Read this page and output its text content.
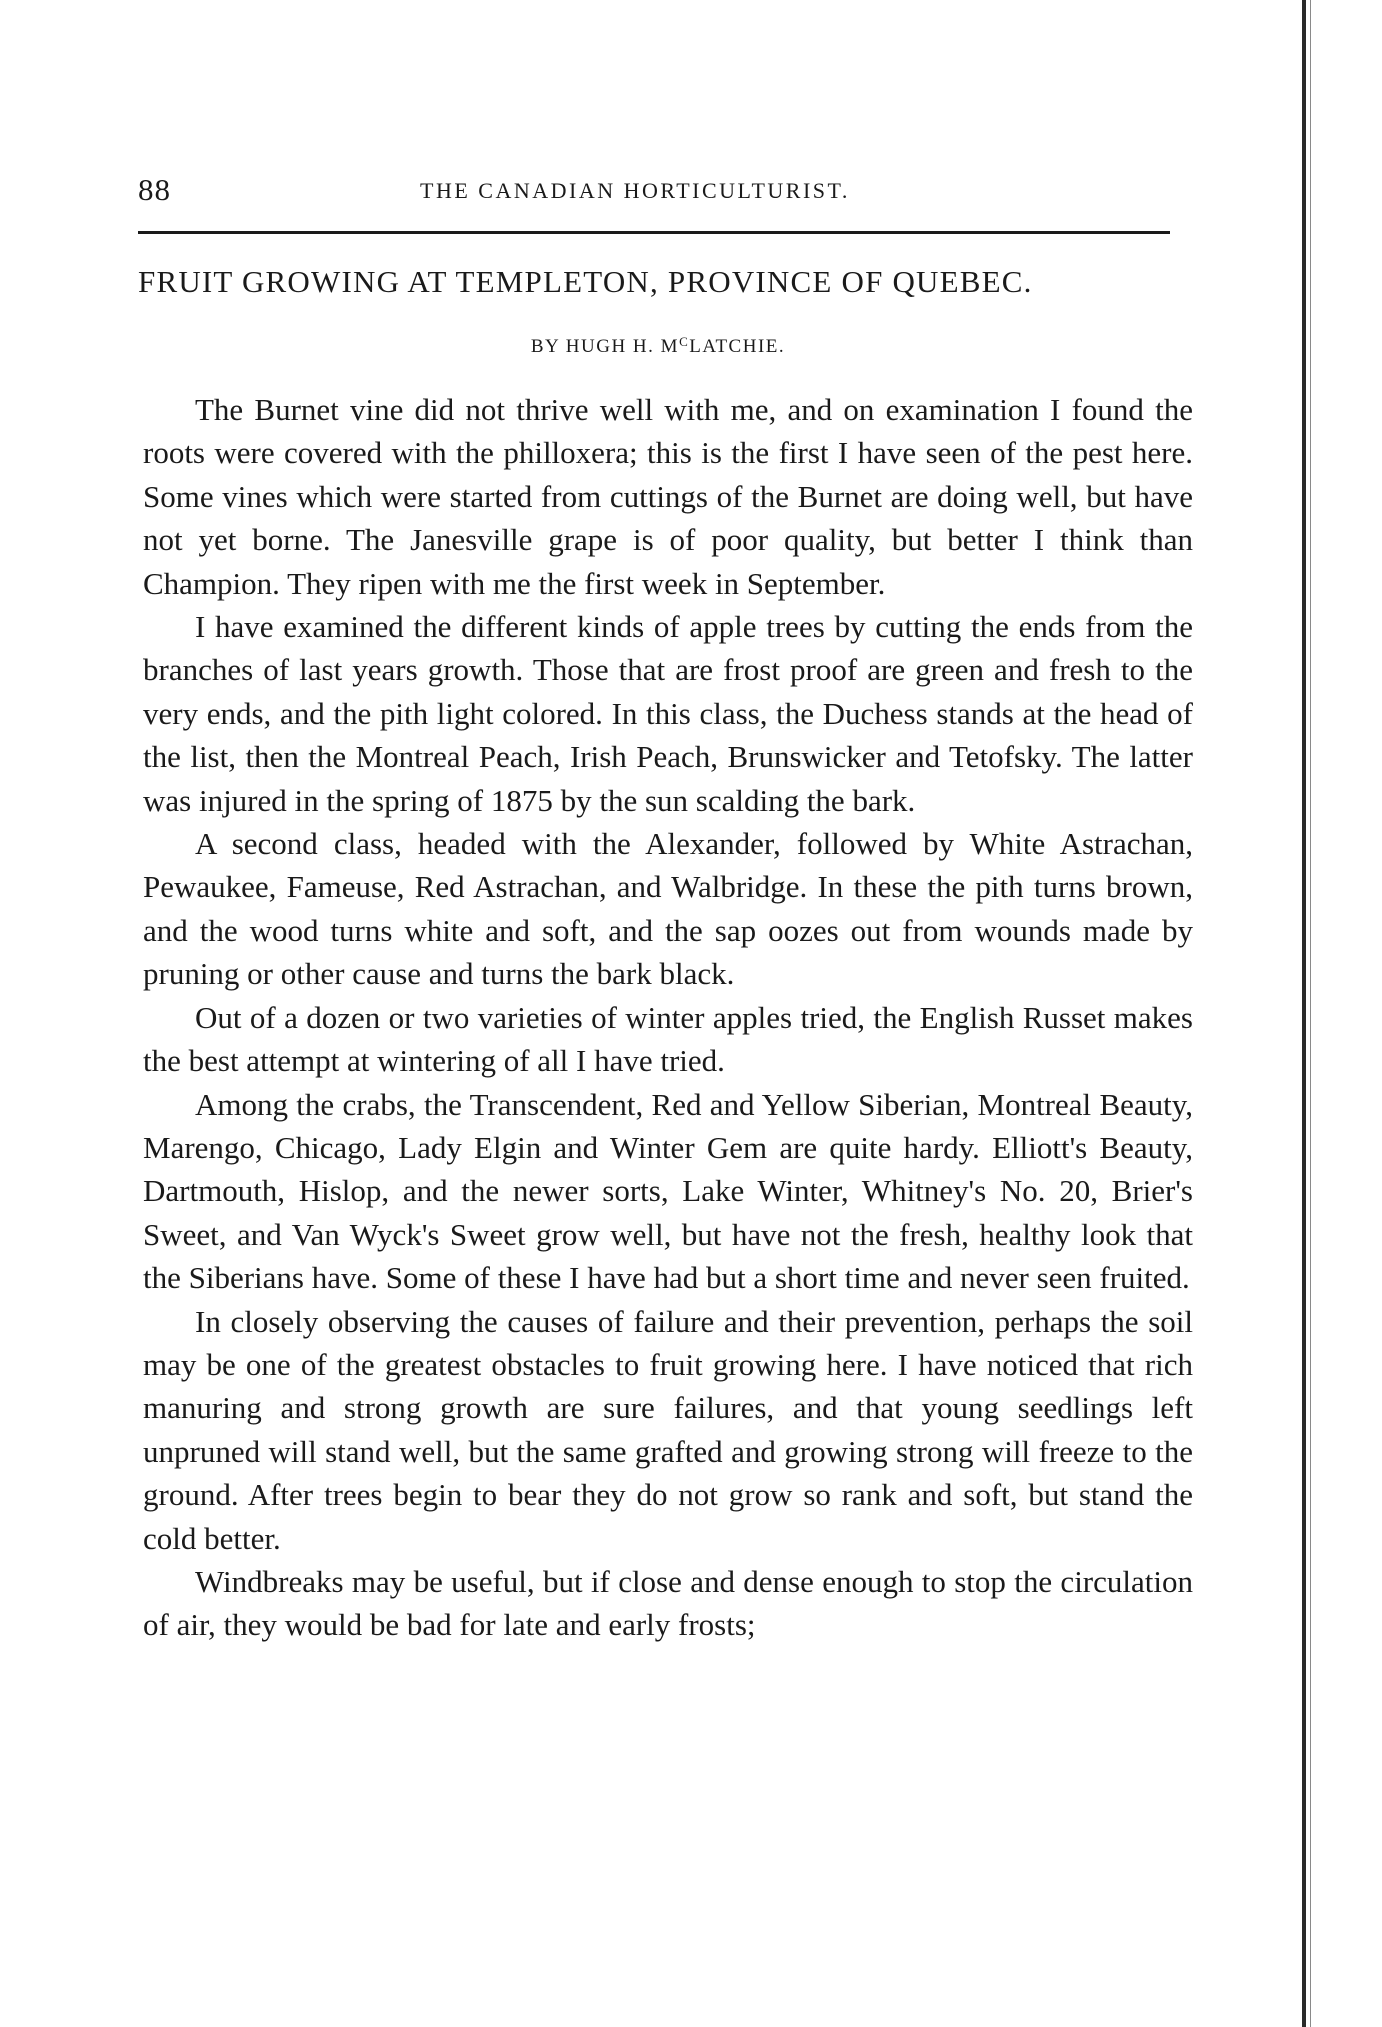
88	THE CANADIAN HORTICULTURIST.
FRUIT GROWING AT TEMPLETON, PROVINCE OF QUEBEC.
BY HUGH H. $M^CLATCHIE$.

The Burnet vine did not thrive well with me, and on examination I found the roots were covered with the philloxera; this is the first I have seen of the pest here. Some vines which were started from cuttings of the Burnet are doing well, but have not yet borne. The Janesville grape is of poor quality, but better I think than Champion. They ripen with me the first week in September.

I have examined the different kinds of apple trees by cutting the ends from the branches of last years growth. Those that are frost proof are green and fresh to the very ends, and the pith light colored. In this class, the Duchess stands at the head of the list, then the Montreal Peach, Irish Peach, Brunswicker and Tetofsky. The latter was injured in the spring of 1875 by the sun scalding the bark.

A second class, headed with the Alexander, followed by White Astrachan, Pewaukee, Fameuse, Red Astrachan, and Walbridge. In these the pith turns brown, and the wood turns white and soft, and the sap oozes out from wounds made by pruning or other cause and turns the bark black.

Out of a dozen or two varieties of winter apples tried, the English Russet makes the best attempt at wintering of all I have tried.

Among the crabs, the Transcendent, Red and Yellow Siberian, Montreal Beauty, Marengo, Chicago, Lady Elgin and Winter Gem are quite hardy. Elliott's Beauty, Dartmouth, Hislop, and the newer sorts, Lake Winter, Whitney's No. 20, Brier's Sweet, and Van Wyck's Sweet grow well, but have not the fresh, healthy look that the Siberians have. Some of these I have had but a short time and never seen fruited.

In closely observing the causes of failure and their prevention, perhaps the soil may be one of the greatest obstacles to fruit growing here. I have noticed that rich manuring and strong growth are sure failures, and that young seedlings left unpruned will stand well, but the same grafted and growing strong will freeze to the ground. After trees begin to bear they do not grow so rank and soft, but stand the cold better.

Windbreaks may be useful, but if close and dense enough to stop the circulation of air, they would be bad for late and early frosts;
